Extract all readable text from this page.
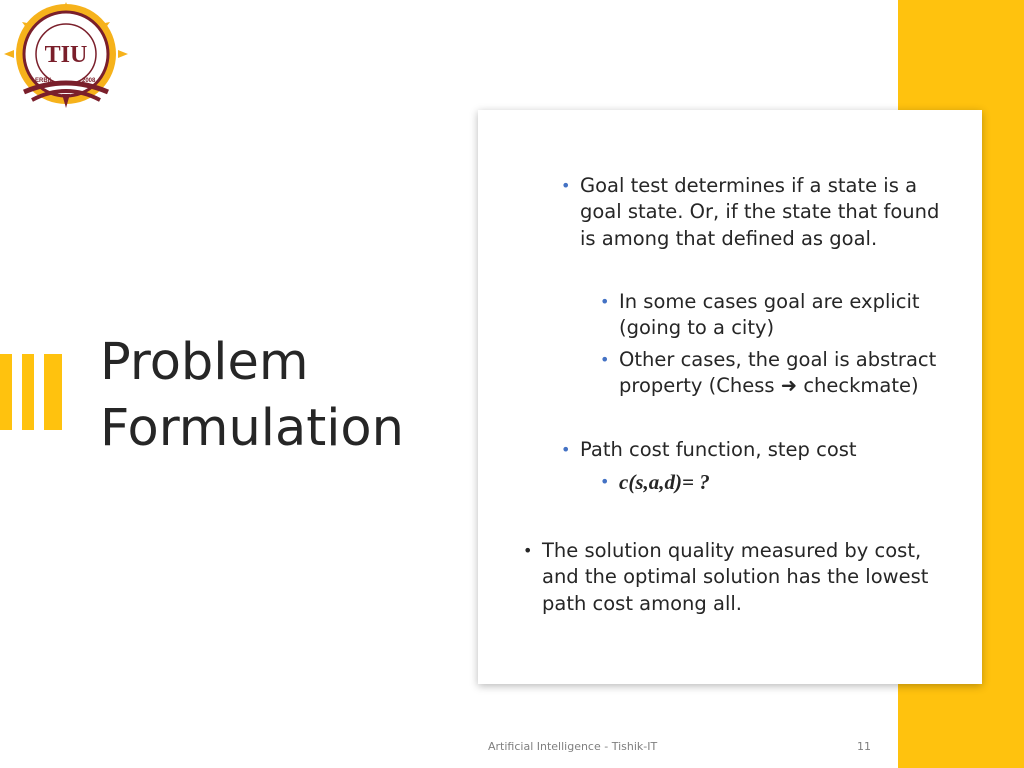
TIU
ERBIL	2008
Problem
Formulation
• Goal test determines if a state is a goal state. Or, if the state that found is among that defined as goal.
• In some cases goal are explicit (going to a city)
• Other cases, the goal is abstract property (Chess ➜ checkmate)
• Path cost function, step cost
• c(s,a,d)= ?
• The solution quality measured by cost, and the optimal solution has the lowest path cost among all.
Artificial Intelligence - Tishik-IT	11
